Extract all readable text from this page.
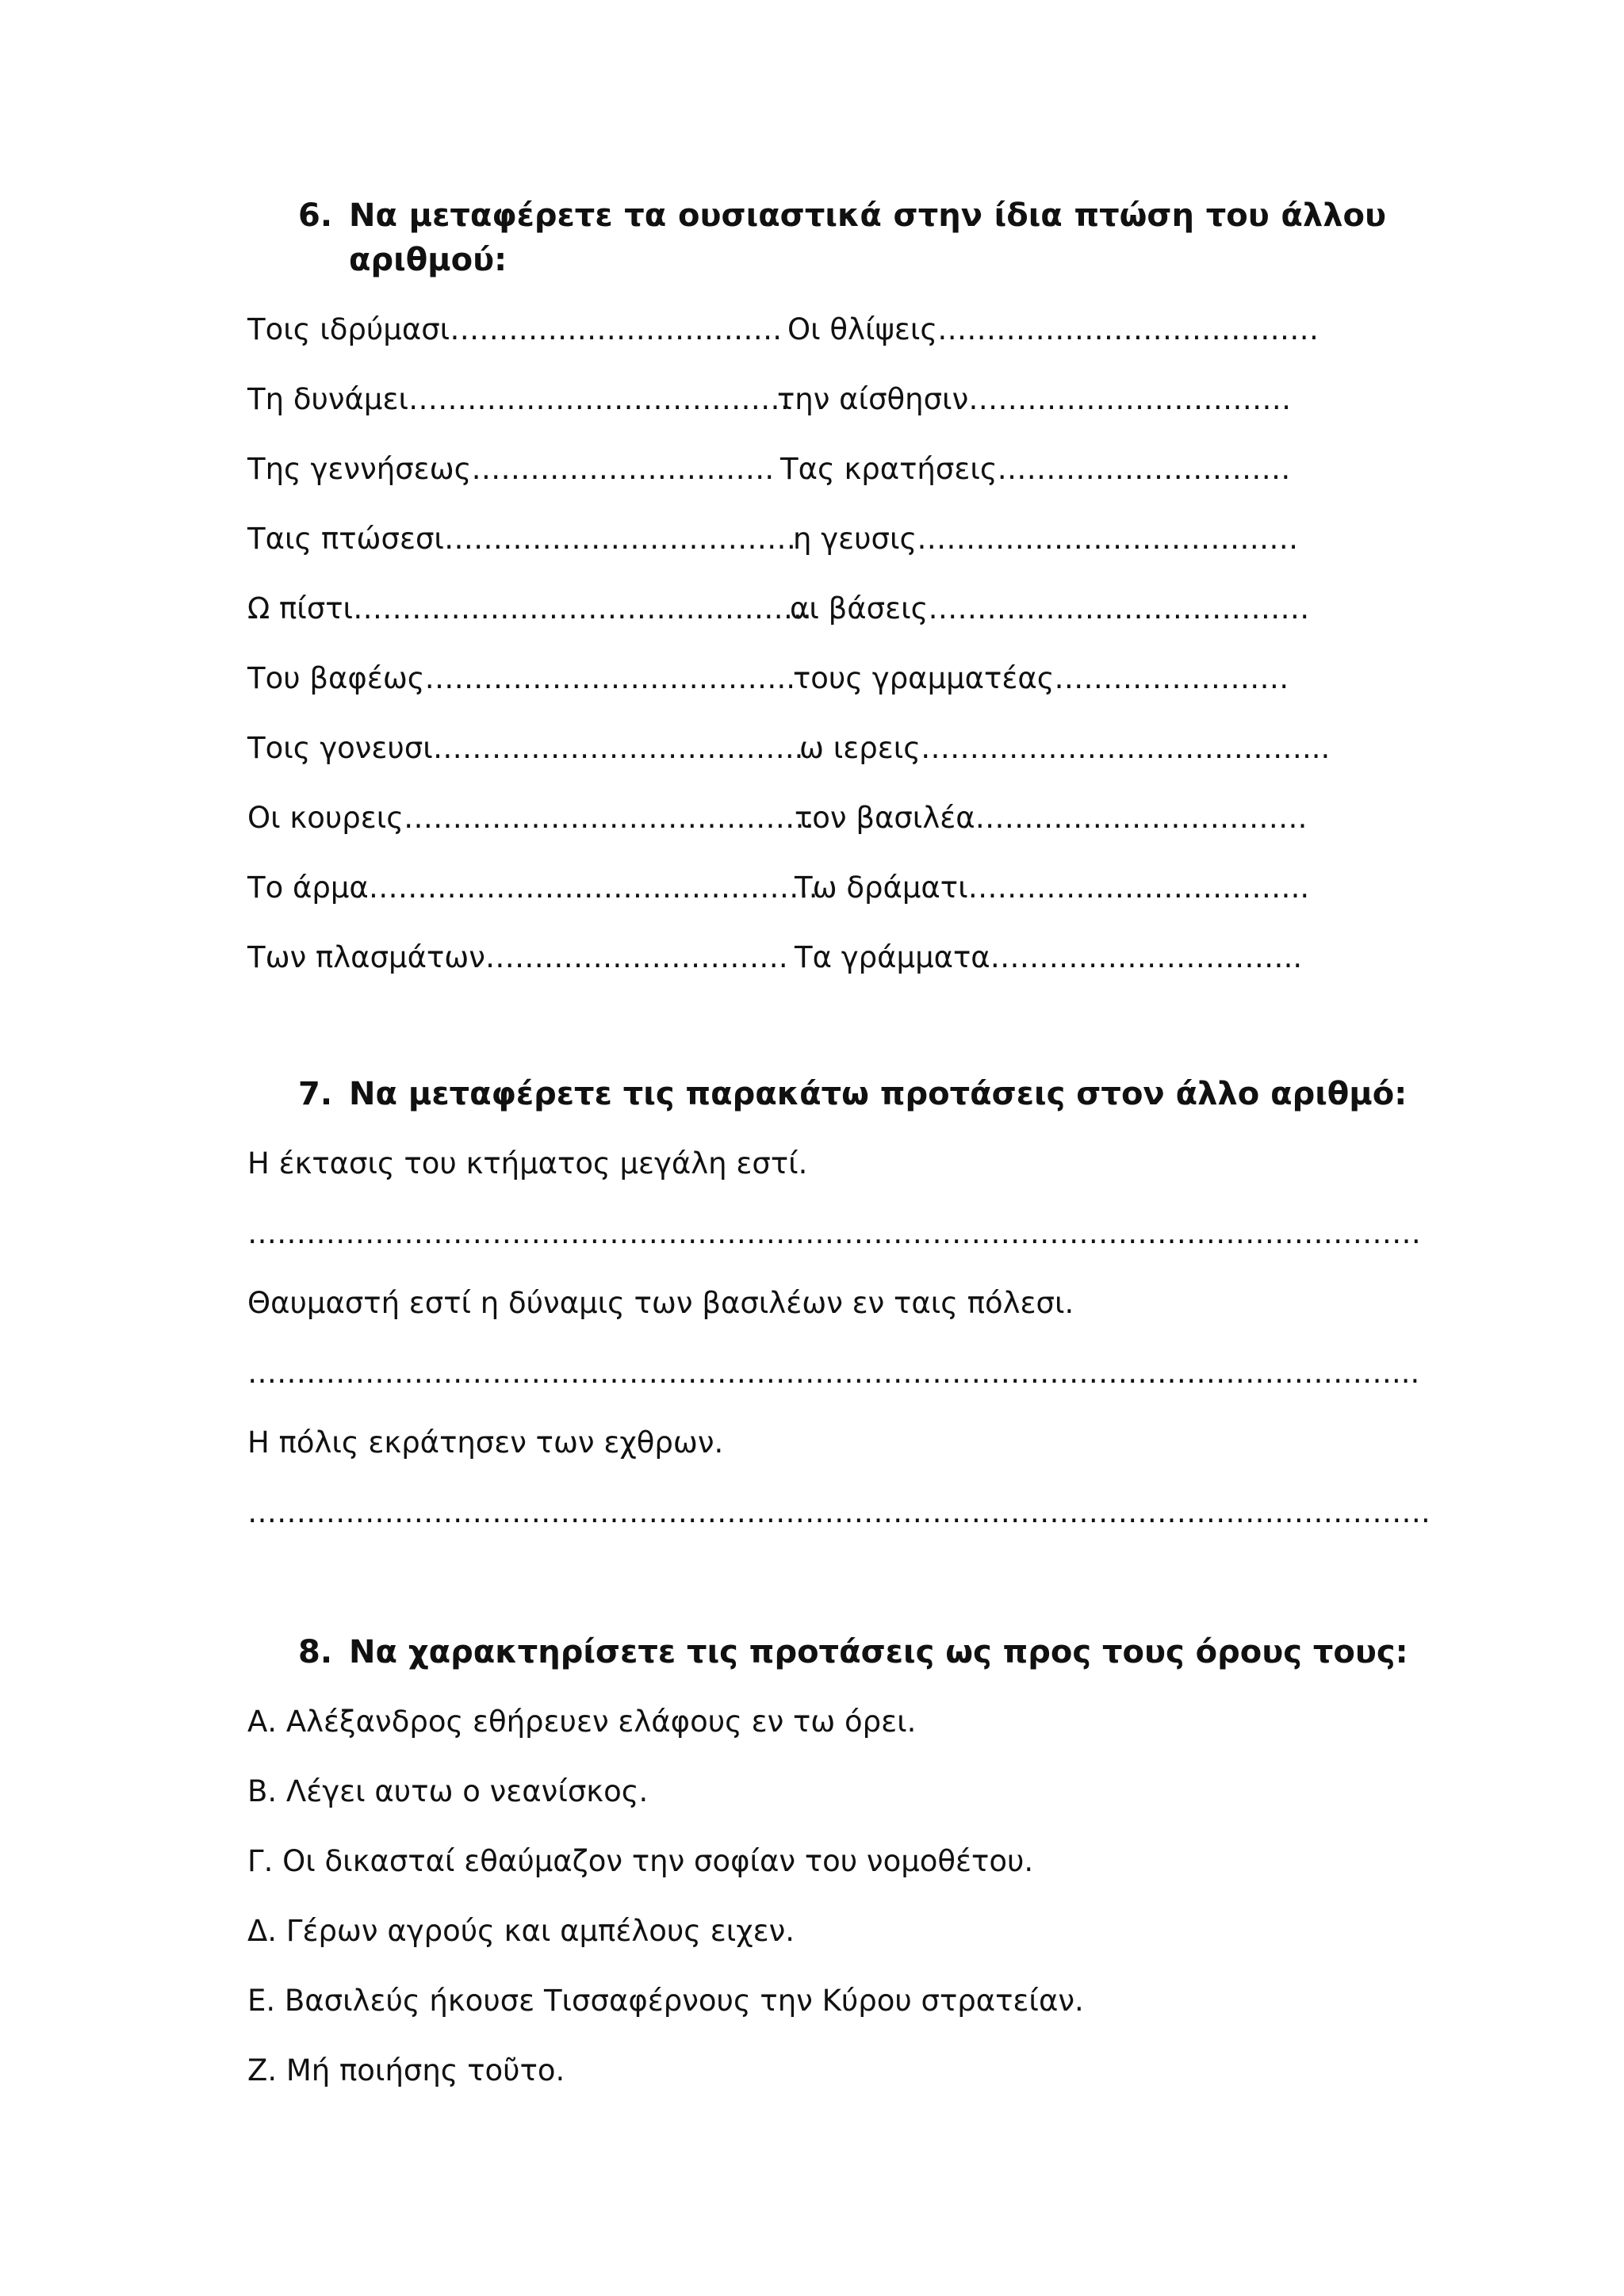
6. Να μεταφέρετε τα ουσιαστικά στην ίδια πτώση του άλλου αριθμού:

Τοις ιδρύμασι……………………………. Οι θλίψεις…………………………………

Τη δυνάμει…………………………………

την αίσθησιν……………………………

Της γεννήσεως…………………………. Τας κρατήσεις…………………………

Ταις πτώσεσι………………………………

η γευσις…………………………………

Ω πίστι………………………………………..

αι βάσεις…………………………………

Του βαφέως………………………………..

τους γραμματέας……………………

Τοις γονευσι………………………………..

ω ιερεις…………………………………...

Οι κουρεις……………………………………

τον βασιλέα…………………………….

Το άρμα……………………………………….

Τω δράματι……………………………..

Των πλασμάτων…………………………. Τα γράμματα…………………………..

7. Να μεταφέρετε τις παρακάτω προτάσεις στον άλλο αριθμό:

Η έκτασις του κτήματος μεγάλη εστί.

…………………………………………………………………………………………………………

Θαυμαστή εστί η δύναμις των βασιλέων εν ταις πόλεσι.

………………………………………………………………………………………………………...

Η πόλις εκράτησεν των εχθρων.

………………………………………………………………………………………………………….

8. Να χαρακτηρίσετε τις προτάσεις ως προς τους όρους τους:

Α. Αλέξανδρος εθήρευεν ελάφους εν τω όρει.

Β. Λέγει αυτω ο νεανίσκος.

Γ. Οι δικασταί εθαύμαζον την σοφίαν του νομοθέτου.

Δ. Γέρων αγρούς και αμπέλους ειχεν.

Ε. Βασιλεύς ήκουσε Τισσαφέρνους την Κύρου στρατείαν.

Ζ. Μή ποιήσης τοῦτο.
